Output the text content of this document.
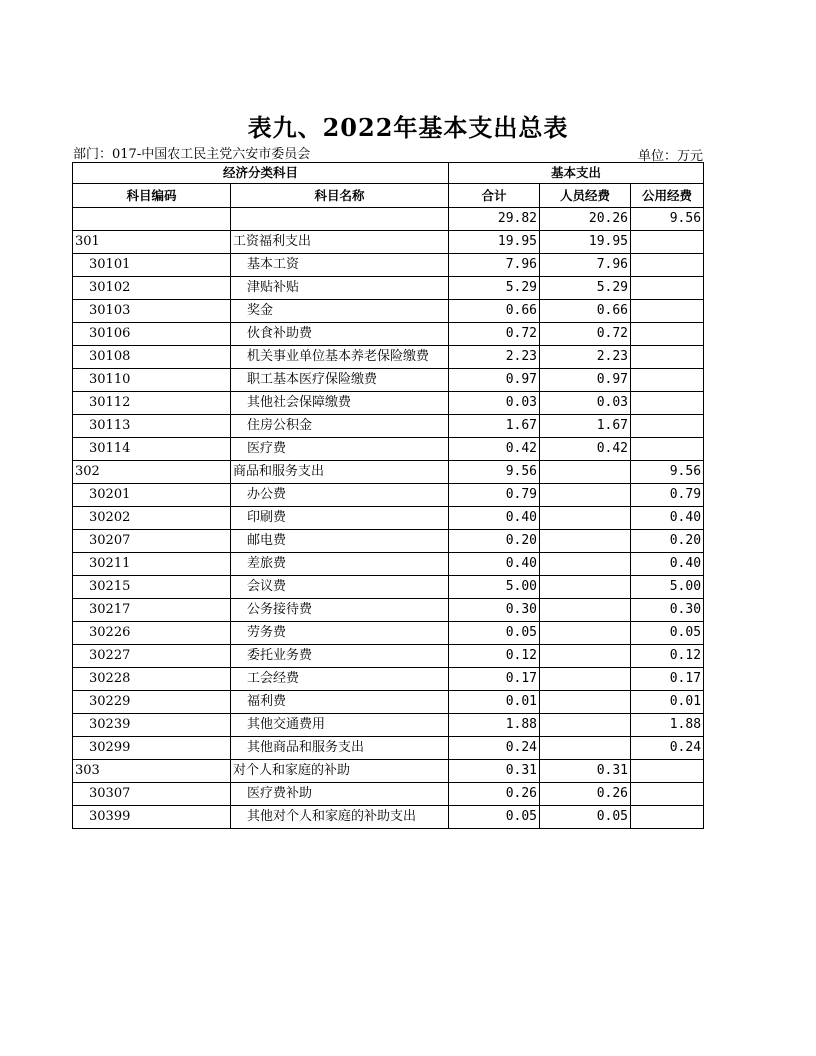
表九、2022年基本支出总表
部门：017-中国农工民主党六安市委员会	单位：万元
经济分类科目		基本支出		
科目编码	科目名称	合计	人员经费	公用经费
		29.82	20.26	9.56
301	工资福利支出	19.95	19.95	
30101	基本工资	7.96	7.96	
30102	津贴补贴	5.29	5.29	
30103	奖金	0.66	0.66	
30106	伙食补助费	0.72	0.72	
30108	机关事业单位基本养老保险缴费	2.23	2.23	
30110	职工基本医疗保险缴费	0.97	0.97	
30112	其他社会保障缴费	0.03	0.03	
30113	住房公积金	1.67	1.67	
30114	医疗费	0.42	0.42	
302	商品和服务支出	9.56		9.56
30201	办公费	0.79		0.79
30202	印刷费	0.40		0.40
30207	邮电费	0.20		0.20
30211	差旅费	0.40		0.40
30215	会议费	5.00		5.00
30217	公务接待费	0.30		0.30
30226	劳务费	0.05		0.05
30227	委托业务费	0.12		0.12
30228	工会经费	0.17		0.17
30229	福利费	0.01		0.01
30239	其他交通费用	1.88		1.88
30299	其他商品和服务支出	0.24		0.24
303	对个人和家庭的补助	0.31	0.31	
30307	医疗费补助	0.26	0.26	
30399	其他对个人和家庭的补助支出	0.05	0.05	
